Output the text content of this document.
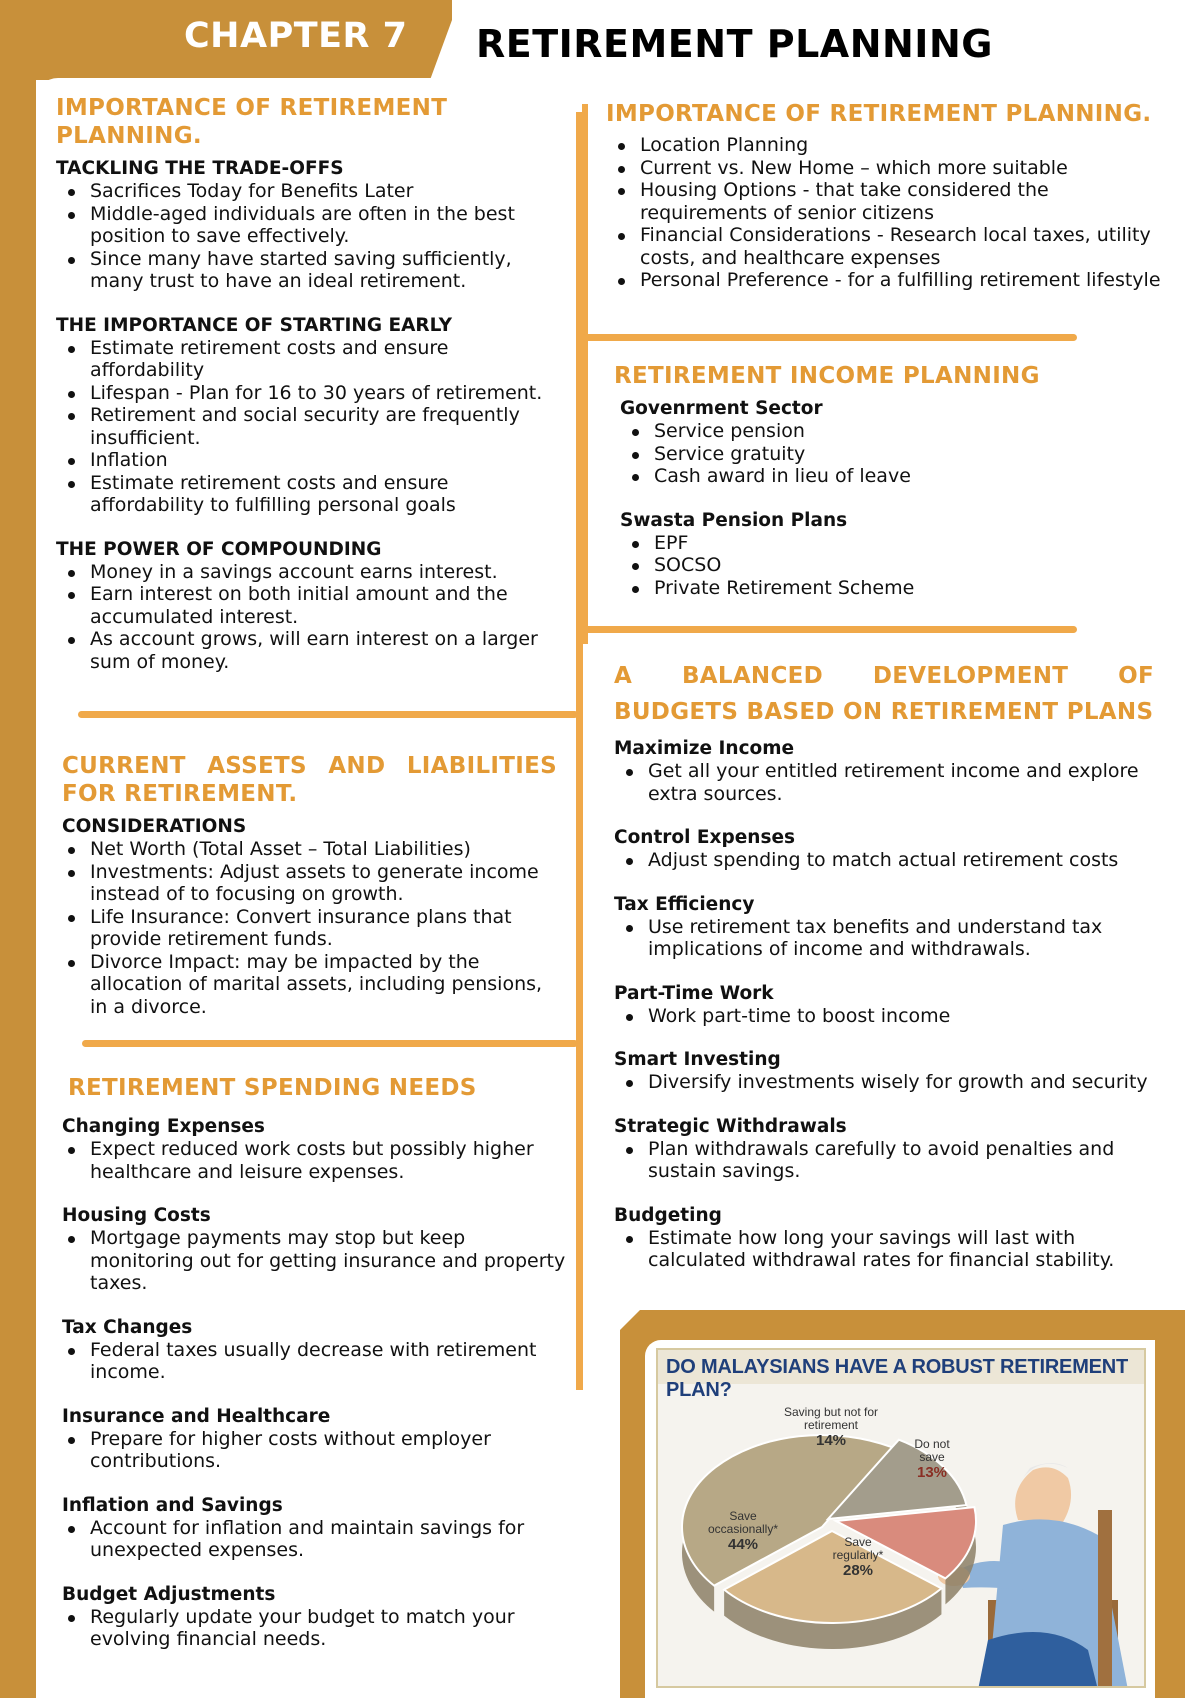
CHAPTER 7 RETIREMENT PLANNING
IMPORTANCE OF RETIREMENT PLANNING.
TACKLING THE TRADE-OFFS
Sacrifices Today for Benefits Later
Middle-aged individuals are often in the best position to save effectively.
Since many have started saving sufficiently, many trust to have an ideal retirement.
THE IMPORTANCE OF STARTING EARLY
Estimate retirement costs and ensure affordability
Lifespan - Plan for 16 to 30 years of retirement.
Retirement and social security are frequently insufficient.
Inflation
Estimate retirement costs and ensure affordability to fulfilling personal goals
THE POWER OF COMPOUNDING
Money in a savings account earns interest.
Earn interest on both initial amount and the accumulated interest.
As account grows, will earn interest on a larger sum of money.
CURRENT ASSETS AND LIABILITIES FOR RETIREMENT.
CONSIDERATIONS
Net Worth (Total Asset – Total Liabilities)
Investments: Adjust assets to generate income instead of to focusing on growth.
Life Insurance: Convert insurance plans that provide retirement funds.
Divorce Impact: may be impacted by the allocation of marital assets, including pensions, in a divorce.
RETIREMENT SPENDING NEEDS
Changing Expenses
Expect reduced work costs but possibly higher healthcare and leisure expenses.
Housing Costs
Mortgage payments may stop but keep monitoring out for getting insurance and property taxes.
Tax Changes
Federal taxes usually decrease with retirement income.
Insurance and Healthcare
Prepare for higher costs without employer contributions.
Inflation and Savings
Account for inflation and maintain savings for unexpected expenses.
Budget Adjustments
Regularly update your budget to match your evolving financial needs.
IMPORTANCE OF RETIREMENT PLANNING.
Location Planning
Current vs. New Home – which more suitable
Housing Options - that take considered the requirements of senior citizens
Financial Considerations - Research local taxes, utility costs, and healthcare expenses
Personal Preference - for a fulfilling retirement lifestyle
RETIREMENT INCOME PLANNING
Govenrment Sector
Service pension
Service gratuity
Cash award in lieu of leave
Swasta Pension Plans
EPF
SOCSO
Private Retirement Scheme
A BALANCED DEVELOPMENT OF
BUDGETS BASED ON RETIREMENT PLANS
Maximize Income
Get all your entitled retirement income and explore extra sources.
Control Expenses
Adjust spending to match actual retirement costs
Tax Efficiency
Use retirement tax benefits and understand tax implications of income and withdrawals.
Part-Time Work
Work part-time to boost income
Smart Investing
Diversify investments wisely for growth and security
Strategic Withdrawals
Plan withdrawals carefully to avoid penalties and sustain savings.
Budgeting
Estimate how long your savings will last with calculated withdrawal rates for financial stability.
DO MALAYSIANS HAVE A ROBUST RETIREMENT PLAN?
Saving but not for retirement
14%	Do not save
13%
Save occasionally*
44%	Save regularly*
28%
